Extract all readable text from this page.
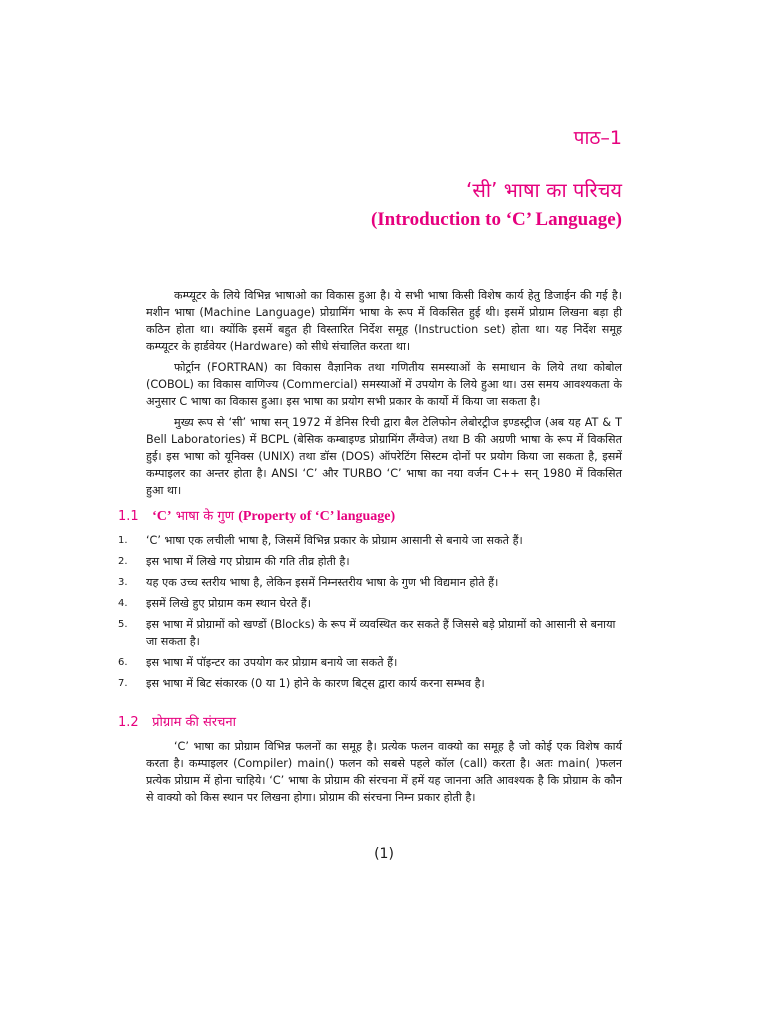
पाठ–1
‘सी’ भाषा का परिचय
(Introduction to ‘C’ Language)

कम्प्यूटर के लिये विभिन्न भाषाओ का विकास हुआ है। ये सभी भाषा किसी विशेष कार्य हेतु डिजाईन की गई है। मशीन भाषा (Machine Language) प्रोग्रामिंग भाषा के रूप में विकसित हुई थी। इसमें प्रोग्राम लिखना बड़ा ही कठिन होता था। क्योंकि इसमें बहुत ही विस्तारित निर्देश समूह (Instruction set) होता था। यह निर्देश समूह कम्प्यूटर के हार्डवेयर (Hardware) को सीधे संचालित करता था।

फोर्ट्रान (FORTRAN) का विकास वैज्ञानिक तथा गणितीय समस्याओं के समाधान के लिये तथा कोबोल (COBOL) का विकास वाणिज्य (Commercial) समस्याओं में उपयोग के लिये हुआ था। उस समय आवश्यकता के अनुसार C भाषा का विकास हुआ। इस भाषा का प्रयोग सभी प्रकार के कार्यो में किया जा सकता है।

मुख्य रूप से ‘सी’ भाषा सन् 1972 में डेनिस रिची द्वारा बैल टेलिफोन लेबोरट्रीज इण्डस्ट्रीज (अब यह AT & T Bell Laboratories) में BCPL (बेसिक कम्बाइण्ड प्रोग्रामिंग लैंग्वेज) तथा B की अग्रणी भाषा के रूप में विकसित हुई। इस भाषा को यूनिक्स (UNIX) तथा डॉस (DOS) ऑपरेटिंग सिस्टम दोनों पर प्रयोग किया जा सकता है, इसमें कम्पाइलर का अन्तर होता है। ANSI ‘C’ और TURBO ‘C’ भाषा का नया वर्जन C++ सन् 1980 में विकसित हुआ था।

1.1 ‘C’ भाषा के गुण (Property of ‘C’ language)
1.	‘C’ भाषा एक लचीली भाषा है, जिसमें विभिन्न प्रकार के प्रोग्राम आसानी से बनाये जा सकते हैं।
2.	इस भाषा में लिखे गए प्रोग्राम की गति तीव्र होती है।
3.	यह एक उच्च स्तरीय भाषा है, लेकिन इसमें निम्नस्तरीय भाषा के गुण भी विद्यमान होते हैं।
4.	इसमें लिखे हुए प्रोग्राम कम स्थान घेरते हैं।
5.	इस भाषा में प्रोग्रामों को खण्डों (Blocks) के रूप में व्यवस्थित कर सकते हैं जिससे बड़े प्रोग्रामों को आसानी से बनाया जा सकता है।
6.	इस भाषा में पॉइन्टर का उपयोग कर प्रोग्राम बनाये जा सकते हैं।
7.	इस भाषा में बिट संकारक (0 या 1) होने के कारण बिट्स द्वारा कार्य करना सम्भव है।
1.2 प्रोग्राम की संरचना

‘C’ भाषा का प्रोग्राम विभिन्न फलनों का समूह है। प्रत्येक फलन वाक्यो का समूह है जो कोई एक विशेष कार्य करता है। कम्पाइलर (Compiler) main() फलन को सबसे पहले कॉल (call) करता है। अतः main( )फलन प्रत्येक प्रोग्राम में होना चाहिये। ‘C’ भाषा के प्रोग्राम की संरचना में हमें यह जानना अति आवश्यक है कि प्रोग्राम के कौन से वाक्यो को किस स्थान पर लिखना होगा। प्रोग्राम की संरचना निम्न प्रकार होती है।

(1)
